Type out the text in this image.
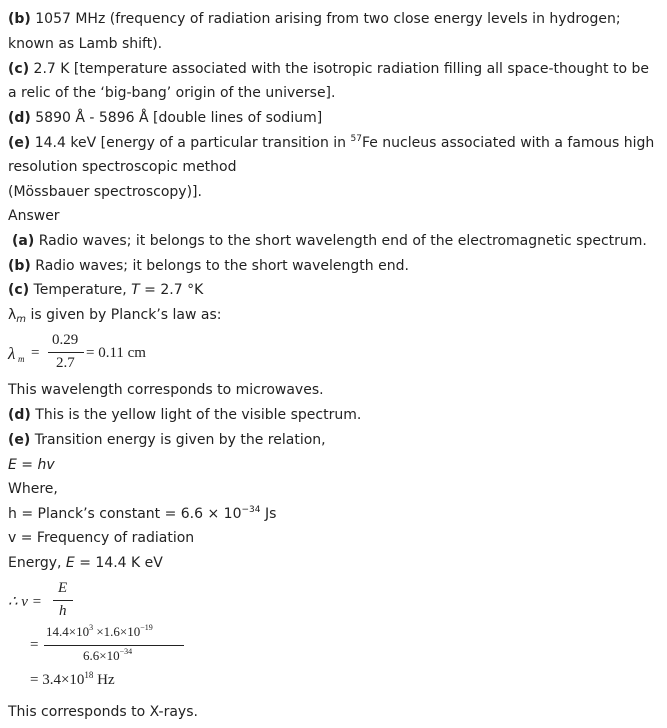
(b) 1057 MHz (frequency of radiation arising from two close energy levels in hydrogen;
known as Lamb shift).
(c) 2.7 K [temperature associated with the isotropic radiation filling all space-thought to be
a relic of the ‘big-bang’ origin of the universe].
(d) 5890 Å - 5896 Å [double lines of sodium]
(e) 14.4 keV [energy of a particular transition in $^{57}$Fe nucleus associated with a famous high
resolution spectroscopic method
(Mössbauer spectroscopy)].
Answer
(a) Radio waves; it belongs to the short wavelength end of the electromagnetic spectrum.
(b) Radio waves; it belongs to the short wavelength end.
(c) Temperature, T = 2.7 °K
$\lambda_m$ is given by Planck’s law as:
λ m =
0.29
2.7
= 0.11 cm
This wavelength corresponds to microwaves.
(d) This is the yellow light of the visible spectrum.
(e) Transition energy is given by the relation,
E = hv
Where,
h = Planck’s constant = $6.6 \times 10^{-34}$ Js
v = Frequency of radiation
Energy, E = 14.4 K eV
∴ ν =
E
h
=
$14.4\times 10^3 \times 1.6\times 10^{-19}$
$6.6\times 10^{-34}$
= $3.4\times 10^{18}$ Hz
This corresponds to X-rays.
